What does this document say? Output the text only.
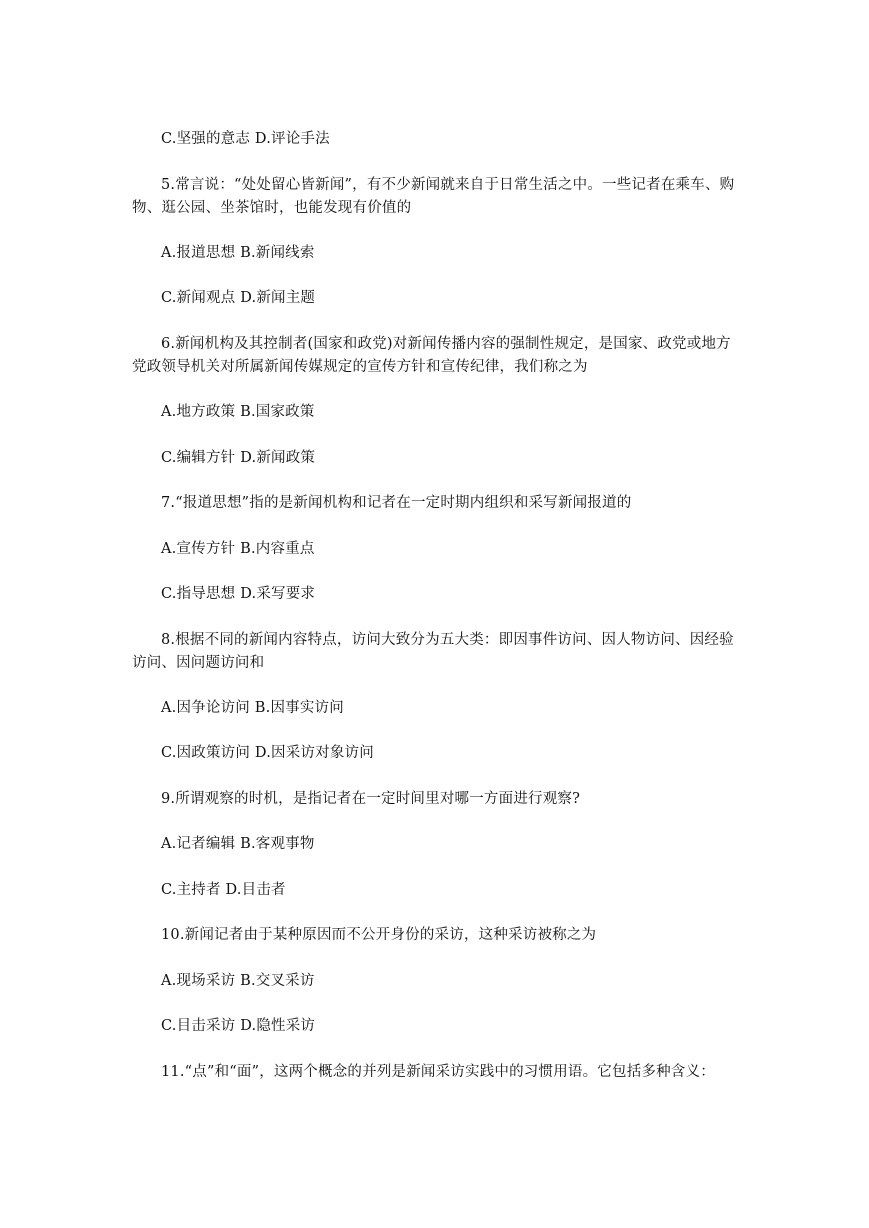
C.坚强的意志 D.评论手法
5.常言说：“处处留心皆新闻”，有不少新闻就来自于日常生活之中。一些记者在乘车、购物、逛公园、坐茶馆时，也能发现有价值的
A.报道思想 B.新闻线索
C.新闻观点 D.新闻主题
6.新闻机构及其控制者(国家和政党)对新闻传播内容的强制性规定，是国家、政党或地方党政领导机关对所属新闻传媒规定的宣传方针和宣传纪律，我们称之为
A.地方政策 B.国家政策
C.编辑方针 D.新闻政策
7.“报道思想”指的是新闻机构和记者在一定时期内组织和采写新闻报道的
A.宣传方针 B.内容重点
C.指导思想 D.采写要求
8.根据不同的新闻内容特点，访问大致分为五大类：即因事件访问、因人物访问、因经验访问、因问题访问和
A.因争论访问 B.因事实访问
C.因政策访问 D.因采访对象访问
9.所谓观察的时机，是指记者在一定时间里对哪一方面进行观察?
A.记者编辑 B.客观事物
C.主持者 D.目击者
10.新闻记者由于某种原因而不公开身份的采访，这种采访被称之为
A.现场采访 B.交叉采访
C.目击采访 D.隐性采访
11.“点”和“面”，这两个概念的并列是新闻采访实践中的习惯用语。它包括多种含义：
